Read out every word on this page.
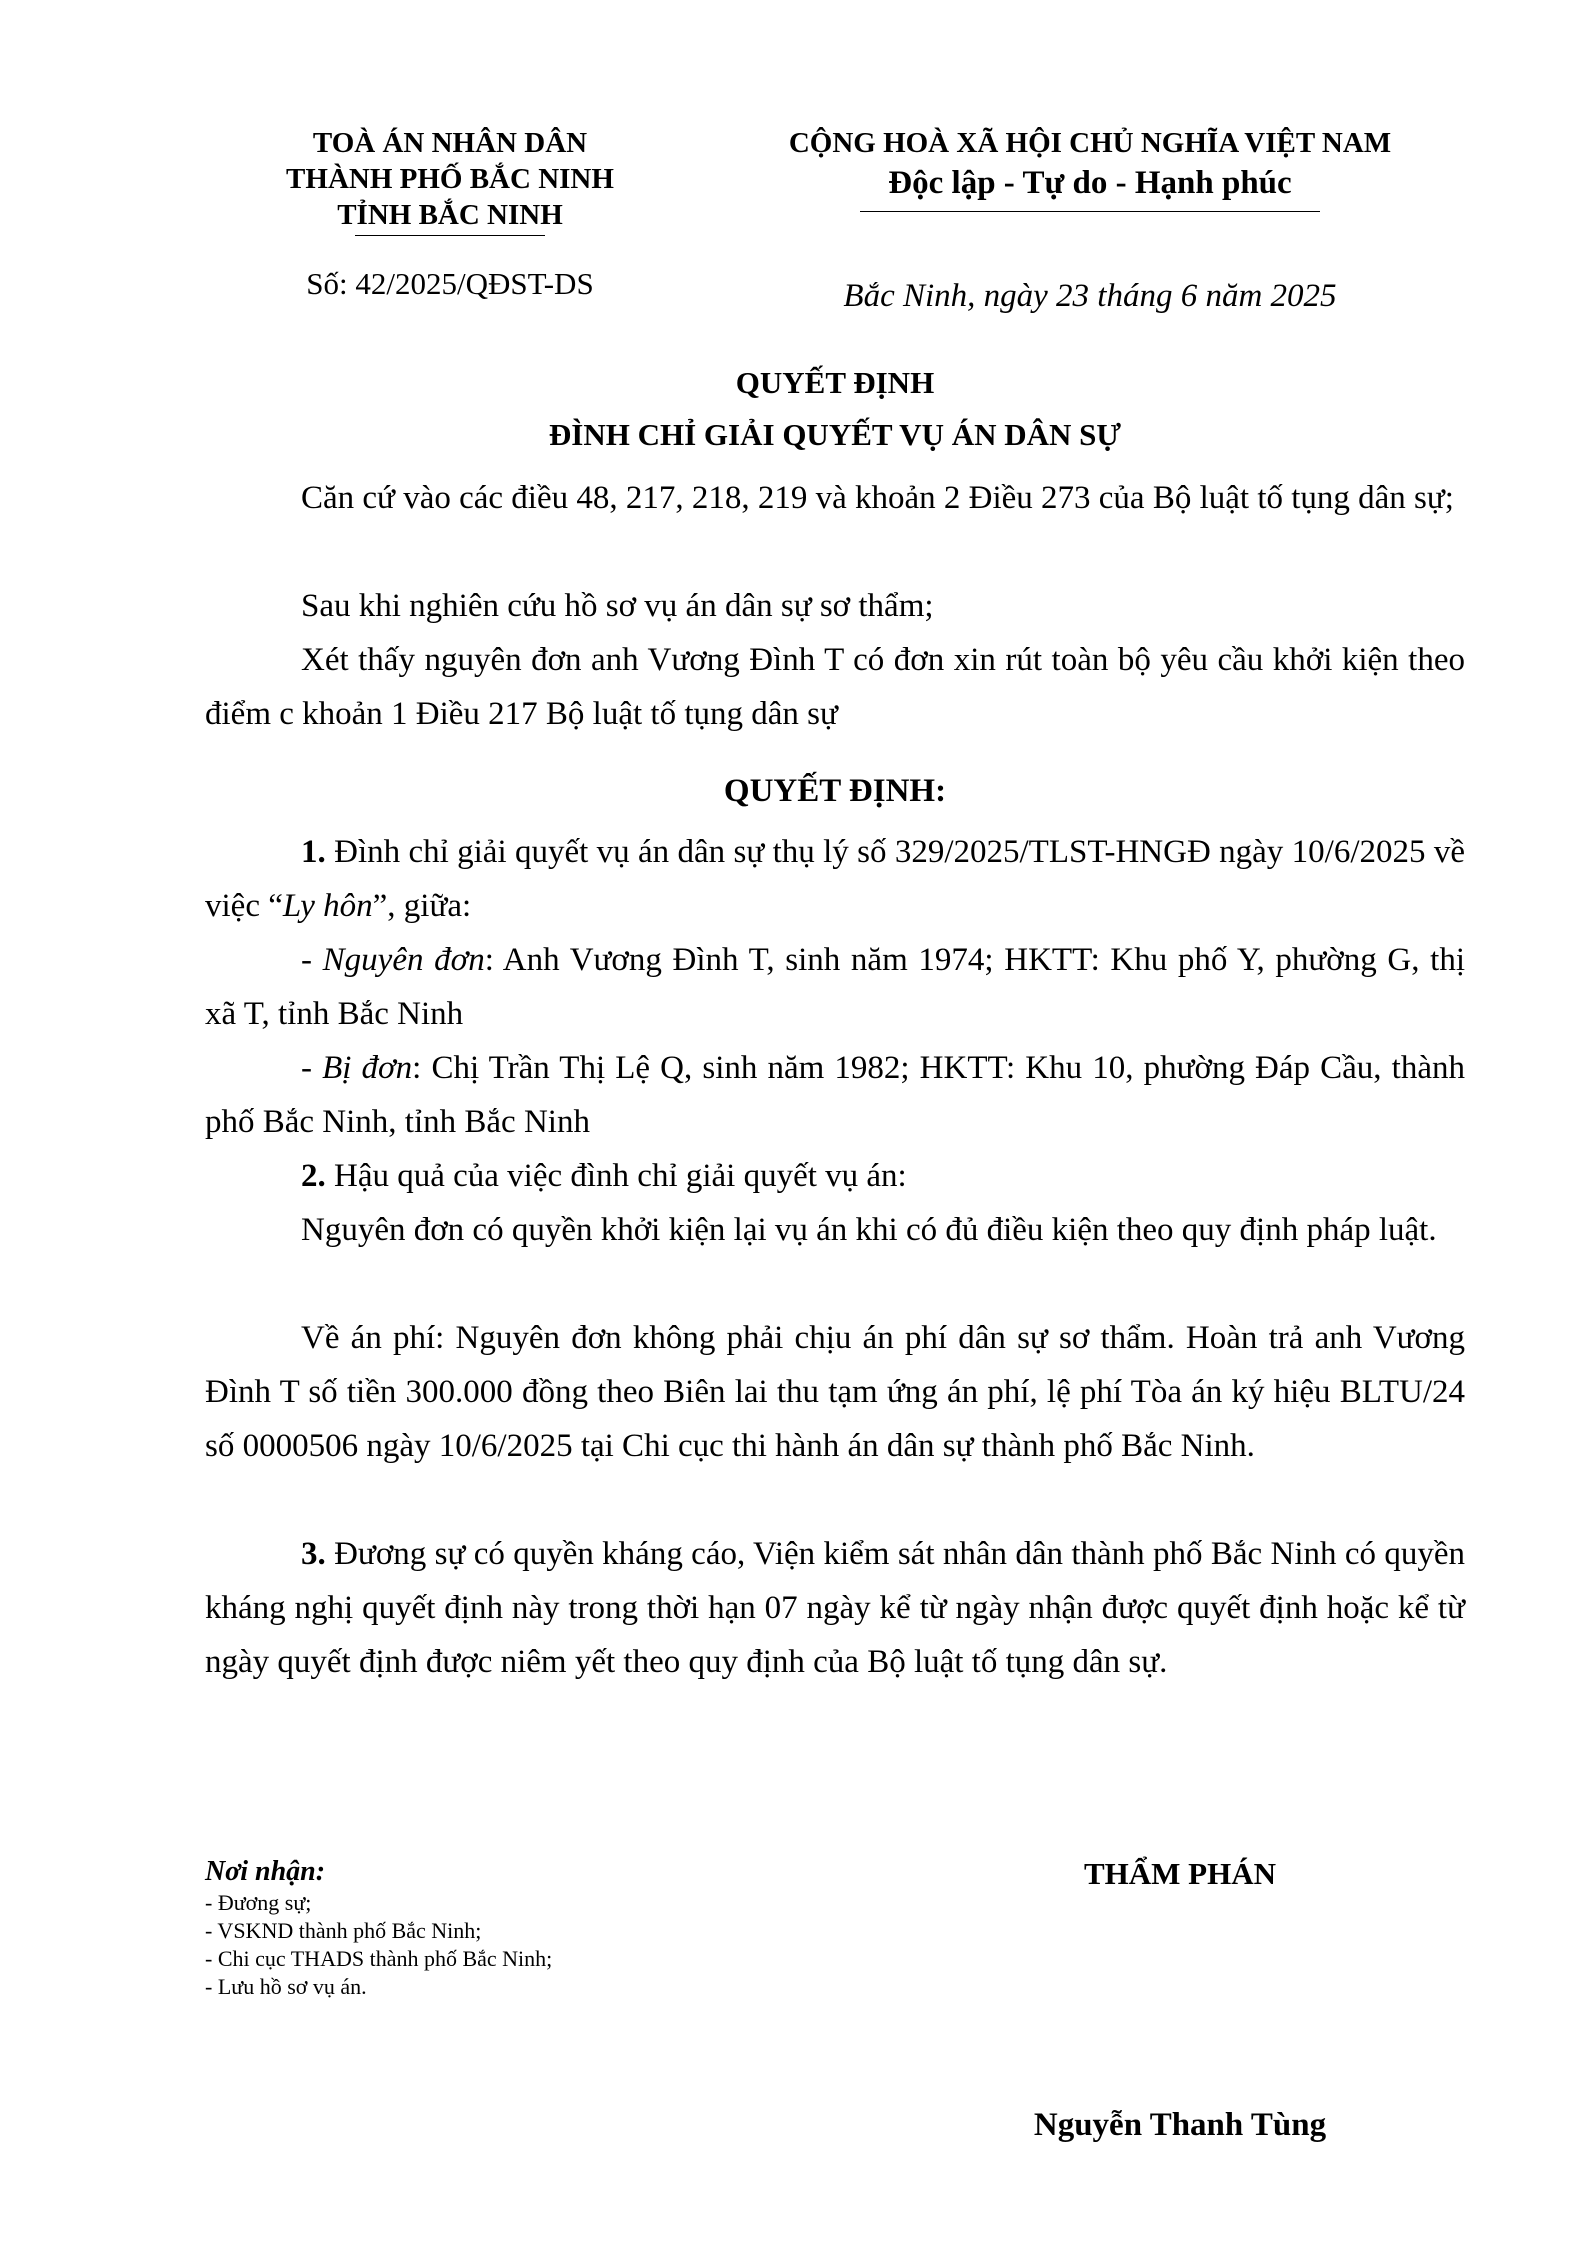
TOÀ ÁN NHÂN DÂN
THÀNH PHỐ BẮC NINH
TỈNH BẮC NINH
CỘNG HOÀ XÃ HỘI CHỦ NGHĨA VIỆT NAM
Độc lập - Tự do - Hạnh phúc
Số: 42/2025/QĐST-DS	Bắc Ninh, ngày 23 tháng 6 năm 2025
QUYẾT ĐỊNH
ĐÌNH CHỈ GIẢI QUYẾT VỤ ÁN DÂN SỰ
Căn cứ vào các điều 48, 217, 218, 219 và khoản 2 Điều 273 của Bộ luật tố tụng dân sự;
Sau khi nghiên cứu hồ sơ vụ án dân sự sơ thẩm;
Xét thấy nguyên đơn anh Vương Đình T có đơn xin rút toàn bộ yêu cầu khởi kiện theo điểm c khoản 1 Điều 217 Bộ luật tố tụng dân sự
QUYẾT ĐỊNH:
1. Đình chỉ giải quyết vụ án dân sự thụ lý số 329/2025/TLST-HNGĐ ngày 10/6/2025 về việc “Ly hôn”, giữa:
- Nguyên đơn: Anh Vương Đình T, sinh năm 1974; HKTT: Khu phố Y, phường G, thị xã T, tỉnh Bắc Ninh
- Bị đơn: Chị Trần Thị Lệ Q, sinh năm 1982; HKTT: Khu 10, phường Đáp Cầu, thành phố Bắc Ninh, tỉnh Bắc Ninh
2. Hậu quả của việc đình chỉ giải quyết vụ án:
Nguyên đơn có quyền khởi kiện lại vụ án khi có đủ điều kiện theo quy định pháp luật.
Về án phí: Nguyên đơn không phải chịu án phí dân sự sơ thẩm. Hoàn trả anh Vương Đình T số tiền 300.000 đồng theo Biên lai thu tạm ứng án phí, lệ phí Tòa án ký hiệu BLTU/24 số 0000506 ngày 10/6/2025 tại Chi cục thi hành án dân sự thành phố Bắc Ninh.
3. Đương sự có quyền kháng cáo, Viện kiểm sát nhân dân thành phố Bắc Ninh có quyền kháng nghị quyết định này trong thời hạn 07 ngày kể từ ngày nhận được quyết định hoặc kể từ ngày quyết định được niêm yết theo quy định của Bộ luật tố tụng dân sự.
Nơi nhận:
- Đương sự;
- VSKND thành phố Bắc Ninh;
- Chi cục THADS thành phố Bắc Ninh;
- Lưu hồ sơ vụ án.
THẨM PHÁN
Nguyễn Thanh Tùng
